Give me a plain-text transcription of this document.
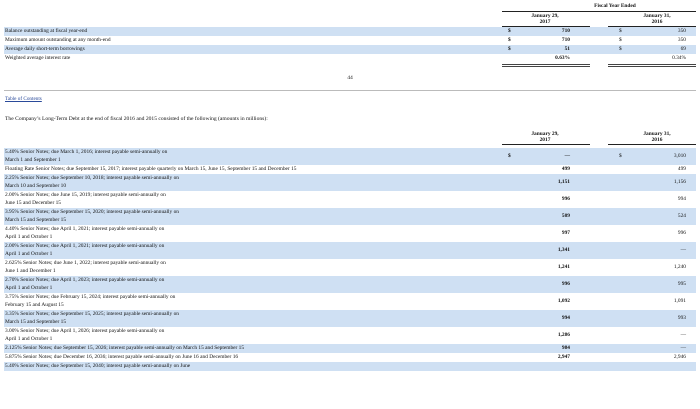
Fiscal Year Ended
January 29,
2017
January 31,
2016
Balance outstanding at fiscal year-end	$	710	$	350
Maximum amount outstanding at any month-end	$	710	$	350
Average daily short-term borrowings	$	51	$	69
Weighted average interest rate	0.63%	0.34%
44
Table of Contents
The Company’s Long-Term Debt at the end of fiscal 2016 and 2015 consisted of the following (amounts in millions):
January 29,
2017
January 31,
2016
5.40% Senior Notes; due March 1, 2016; interest payable semi-annually on
March 1 and September 1
$	—	$	3,010
Floating Rate Senior Notes; due September 15, 2017; interest payable quarterly on March 15, June 15, September 15 and December 15	499	499
2.25% Senior Notes; due September 10, 2018; interest payable semi-annually on
March 10 and September 10
1,151	1,156
2.00% Senior Notes; due June 15, 2019; interest payable semi-annually on
June 15 and December 15
996	994
3.95% Senior Notes; due September 15, 2020; interest payable semi-annually on
March 15 and September 15
509	524
4.40% Senior Notes; due April 1, 2021; interest payable semi-annually on
April 1 and October 1
997	996
2.00% Senior Notes; due April 1, 2021; interest payable semi-annually on
April 1 and October 1
1,341	—
2.625% Senior Notes; due June 1, 2022; interest payable semi-annually on
June 1 and December 1
1,241	1,240
2.70% Senior Notes; due April 1, 2023; interest payable semi-annually on
April 1 and October 1
996	995
3.75% Senior Notes; due February 15, 2024; interest payable semi-annually on
February 15 and August 15
1,092	1,091
3.35% Senior Notes; due September 15, 2025; interest payable semi-annually on
March 15 and September 15
994	993
3.00% Senior Notes; due April 1, 2026; interest payable semi-annually on
April 1 and October 1
1,286	—
2.125% Senior Notes; due September 15, 2026; interest payable semi-annually on March 15 and September 15	984	—
5.875% Senior Notes; due December 16, 2036; interest payable semi-annually on June 16 and December 16	2,947	2,946
5.40% Senior Notes; due September 15, 2040; interest payable semi-annually on June
